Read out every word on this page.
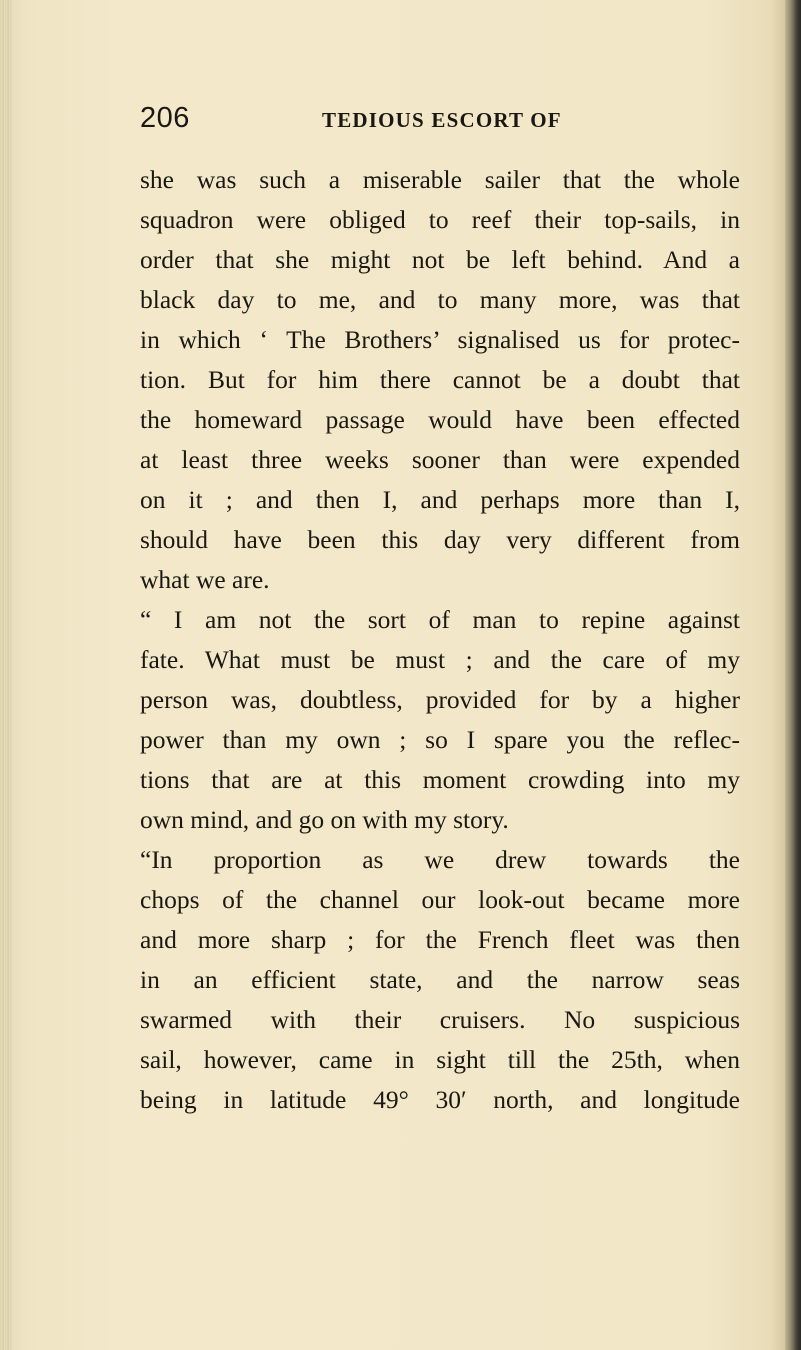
206	TEDIOUS ESCORT OF
she was such a miserable sailer that the whole
squadron were obliged to reef their top-sails, in
order that she might not be left behind. And a
black day to me, and to many more, was that
in which ‘ The Brothers’ signalised us for protec-
tion. But for him there cannot be a doubt that
the homeward passage would have been effected
at least three weeks sooner than were expended
on it ; and then I, and perhaps more than I,
should have been this day very different from
what we are.
“ I am not the sort of man to repine against
fate. What must be must ; and the care of my
person was, doubtless, provided for by a higher
power than my own ; so I spare you the reflec-
tions that are at this moment crowding into my
own mind, and go on with my story.
“In proportion as we drew towards the
chops of the channel our look-out became more
and more sharp ; for the French fleet was then
in an efficient state, and the narrow seas
swarmed with their cruisers. No suspicious
sail, however, came in sight till the 25th, when
being in latitude 49° 30′ north, and longitude
